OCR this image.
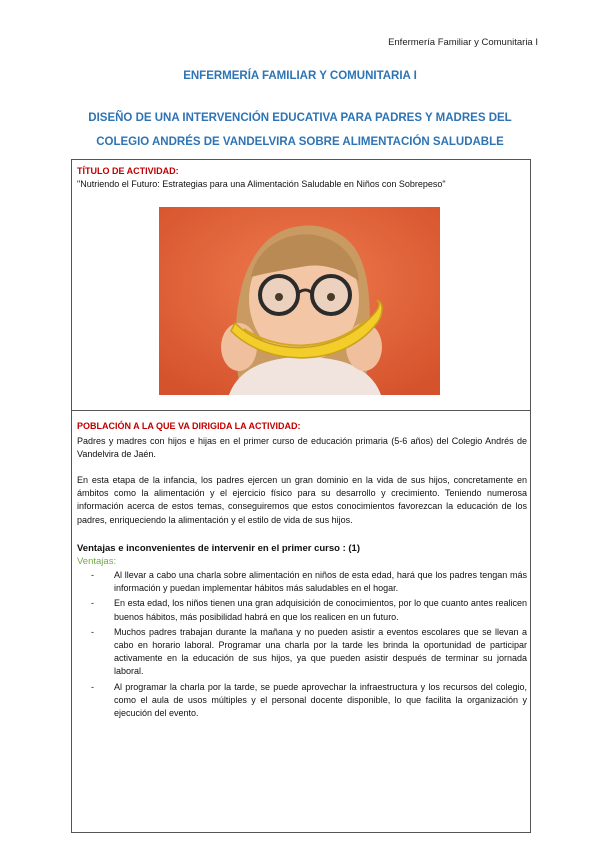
Enfermería Familiar y Comunitaria I
ENFERMERÍA FAMILIAR Y COMUNITARIA I
DISEÑO DE UNA INTERVENCIÓN EDUCATIVA PARA PADRES Y MADRES DEL
COLEGIO ANDRÉS DE VANDELVIRA SOBRE ALIMENTACIÓN SALUDABLE
TÍTULO DE ACTIVIDAD:
"Nutriendo el Futuro: Estrategias para una Alimentación Saludable en Niños con Sobrepeso"
POBLACIÓN A LA QUE VA DIRIGIDA LA ACTIVIDAD:
Padres y madres con hijos e hijas en el primer curso de educación primaria (5-6 años) del Colegio Andrés de Vandelvira de Jaén.
En esta etapa de la infancia, los padres ejercen un gran dominio en la vida de sus hijos, concretamente en ámbitos como la alimentación y el ejercicio físico para su desarrollo y crecimiento. Teniendo numerosa información acerca de estos temas, conseguiremos que estos conocimientos favorezcan la educación de los padres, enriqueciendo la alimentación y el estilo de vida de sus hijos.
Ventajas e inconvenientes de intervenir en el primer curso : (1)
Ventajas:
- Al llevar a cabo una charla sobre alimentación en niños de esta edad, hará que los padres tengan más información y puedan implementar hábitos más saludables en el hogar.
- En esta edad, los niños tienen una gran adquisición de conocimientos, por lo que cuanto antes realicen buenos hábitos, más posibilidad habrá en que los realicen en un futuro.
- Muchos padres trabajan durante la mañana y no pueden asistir a eventos escolares que se llevan a cabo en horario laboral. Programar una charla por la tarde les brinda la oportunidad de participar activamente en la educación de sus hijos, ya que pueden asistir después de terminar su jornada laboral.
- Al programar la charla por la tarde, se puede aprovechar la infraestructura y los recursos del colegio, como el aula de usos múltiples y el personal docente disponible, lo que facilita la organización y ejecución del evento.
